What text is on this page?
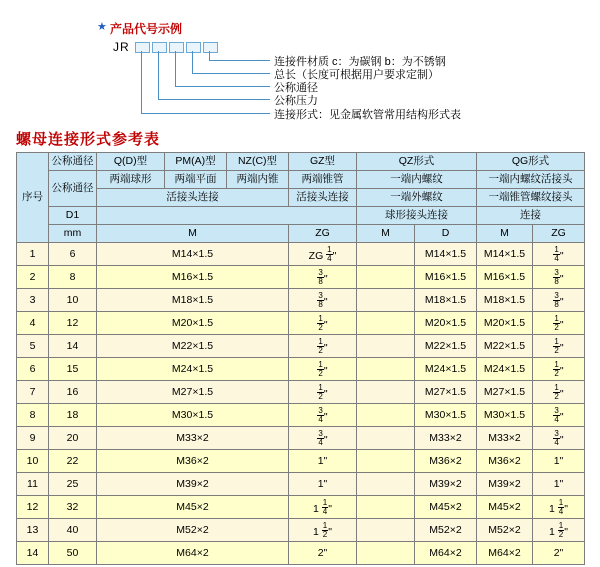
★ 产品代号示例
JR
连接件材质 c：为碳钢 b：为不锈钢
总长（长度可根据用户要求定制）
公称通径
公称压力
连接形式：见金属软管常用结构形式表
螺母连接形式参考表
序号	公称通径	Q(D)型	PM(A)型	NZ(C)型	GZ型	QZ形式		QG形式	
	公称通径	两端球形	两端平面	两端内锥	两端锥管	一端内螺纹		一端内螺纹活接头	
		活接头连接			活接头连接	一端外螺纹		一端锥管螺纹接头	
	D1					球形接头连接		连接	
	mm	M			ZG	M	D	M	ZG
1	6	M14×1.5			ZG $\frac{1}{4}$ "		M14×1.5	M14×1.5	$\frac{1}{4}$ "
2	8	M16×1.5			$\frac{3}{8}$ "		M16×1.5	M16×1.5	$\frac{3}{8}$ "
3	10	M18×1.5			$\frac{3}{8}$ "		M18×1.5	M18×1.5	$\frac{3}{8}$ "
4	12	M20×1.5			$\frac{1}{2}$ "		M20×1.5	M20×1.5	$\frac{1}{2}$ "
5	14	M22×1.5			$\frac{1}{2}$ "		M22×1.5	M22×1.5	$\frac{1}{2}$ "
6	15	M24×1.5			$\frac{1}{2}$ "		M24×1.5	M24×1.5	$\frac{1}{2}$ "
7	16	M27×1.5			$\frac{1}{2}$ "		M27×1.5	M27×1.5	$\frac{1}{2}$ "
8	18	M30×1.5			$\frac{3}{4}$ "		M30×1.5	M30×1.5	$\frac{3}{4}$ "
9	20	M33×2			$\frac{3}{4}$ "		M33×2	M33×2	$\frac{3}{4}$ "
10	22	M36×2			1"		M36×2	M36×2	1"
11	25	M39×2			1"		M39×2	M39×2	1"
12	32	M45×2			$1 \frac{1}{4}$ "		M45×2	M45×2	$1 \frac{1}{4}$ "
13	40	M52×2			$1 \frac{1}{2}$ "		M52×2	M52×2	$1 \frac{1}{2}$ "
14	50	M64×2			2"		M64×2	M64×2	2"
